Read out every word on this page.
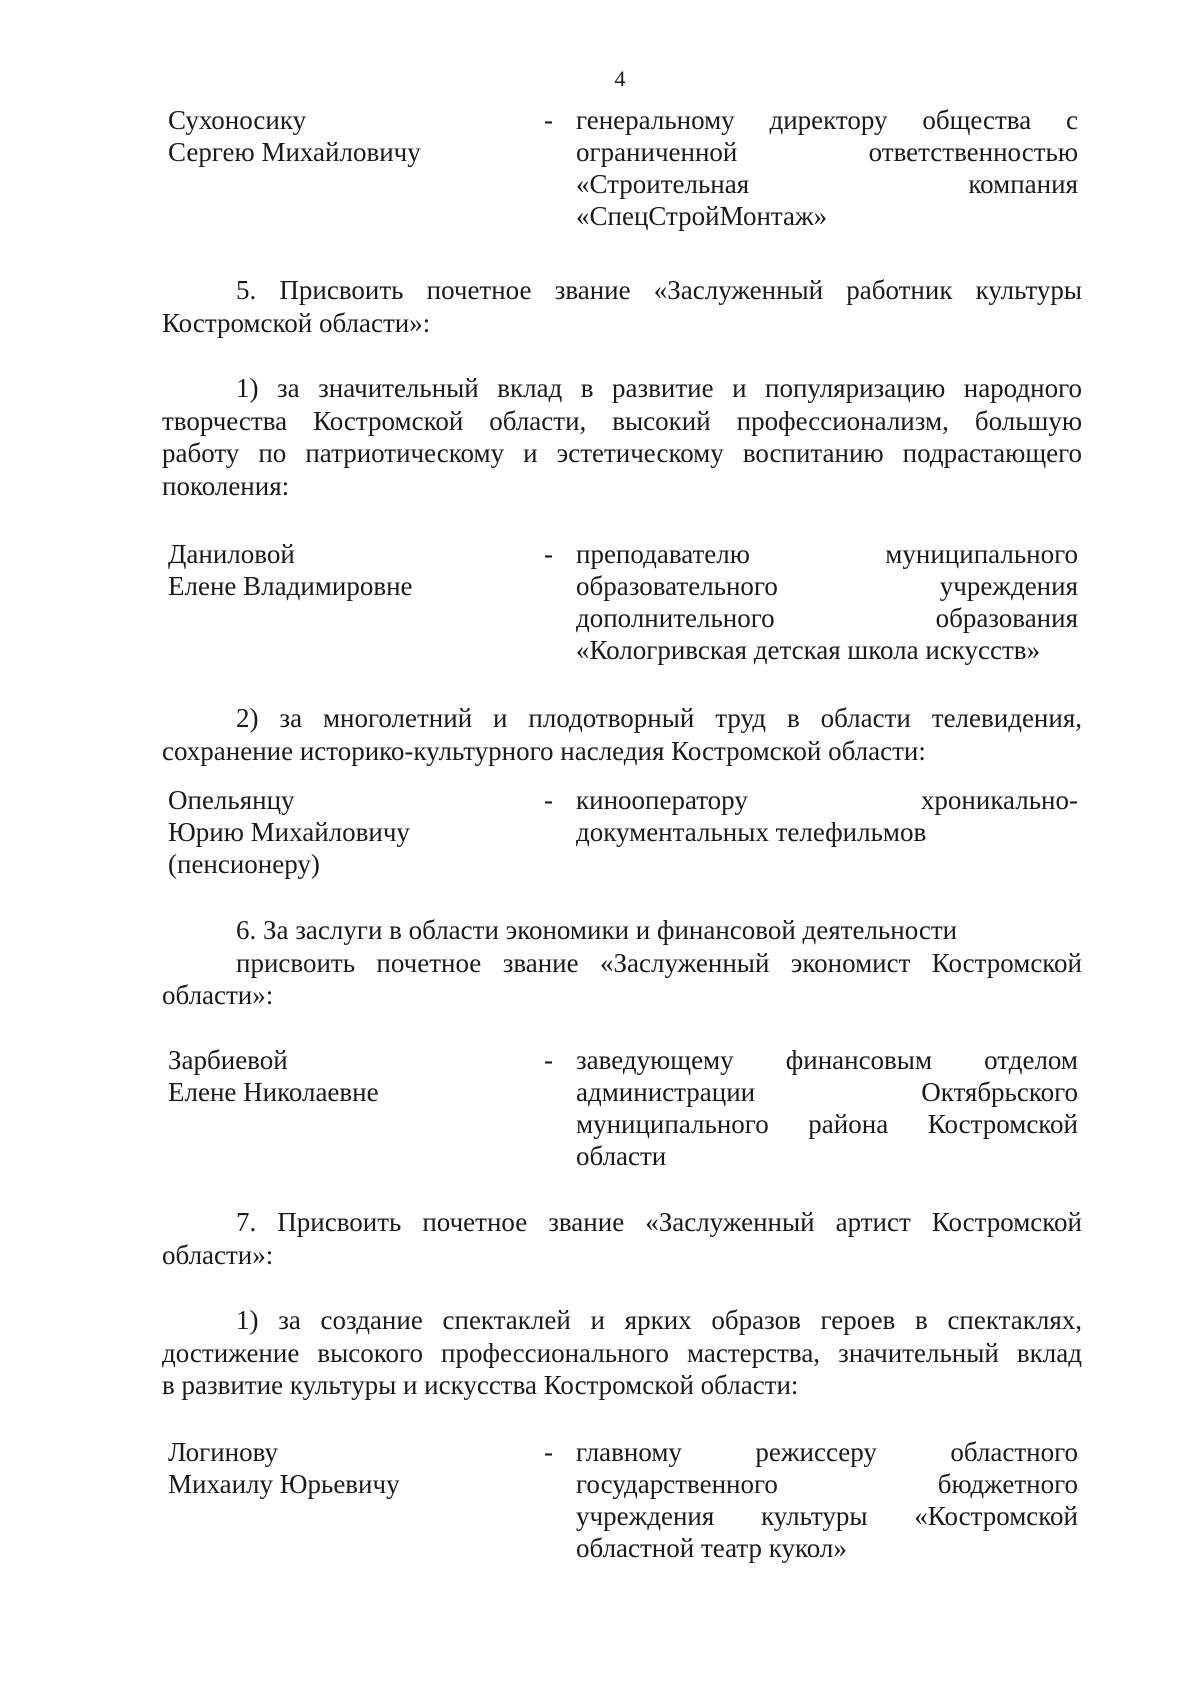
4
Сухоносику
Сергею Михайловичу
- генеральному директору общества с
ограниченной ответственностью
«Строительная компания
«СпецСтройМонтаж»
5. Присвоить почетное звание «Заслуженный работник культуры
Костромской области»:
1) за значительный вклад в развитие и популяризацию народного
творчества Костромской области, высокий профессионализм, большую
работу по патриотическому и эстетическому воспитанию подрастающего
поколения:
Даниловой
Елене Владимировне
- преподавателю муниципального
образовательного учреждения
дополнительного образования
«Кологривская детская школа искусств»
2) за многолетний и плодотворный труд в области телевидения,
сохранение историко-культурного наследия Костромской области:
Опельянцу
Юрию Михайловичу
(пенсионеру)
- кинооператору хроникально-
документальных телефильмов
6. За заслуги в области экономики и финансовой деятельности
присвоить почетное звание «Заслуженный экономист Костромской
области»:
Зарбиевой
Елене Николаевне
- заведующему финансовым отделом
администрации Октябрьского
муниципального района Костромской
области
7. Присвоить почетное звание «Заслуженный артист Костромской
области»:
1) за создание спектаклей и ярких образов героев в спектаклях,
достижение высокого профессионального мастерства, значительный вклад
в развитие культуры и искусства Костромской области:
Логинову
Михаилу Юрьевичу
- главному режиссеру областного
государственного бюджетного
учреждения культуры «Костромской
областной театр кукол»
